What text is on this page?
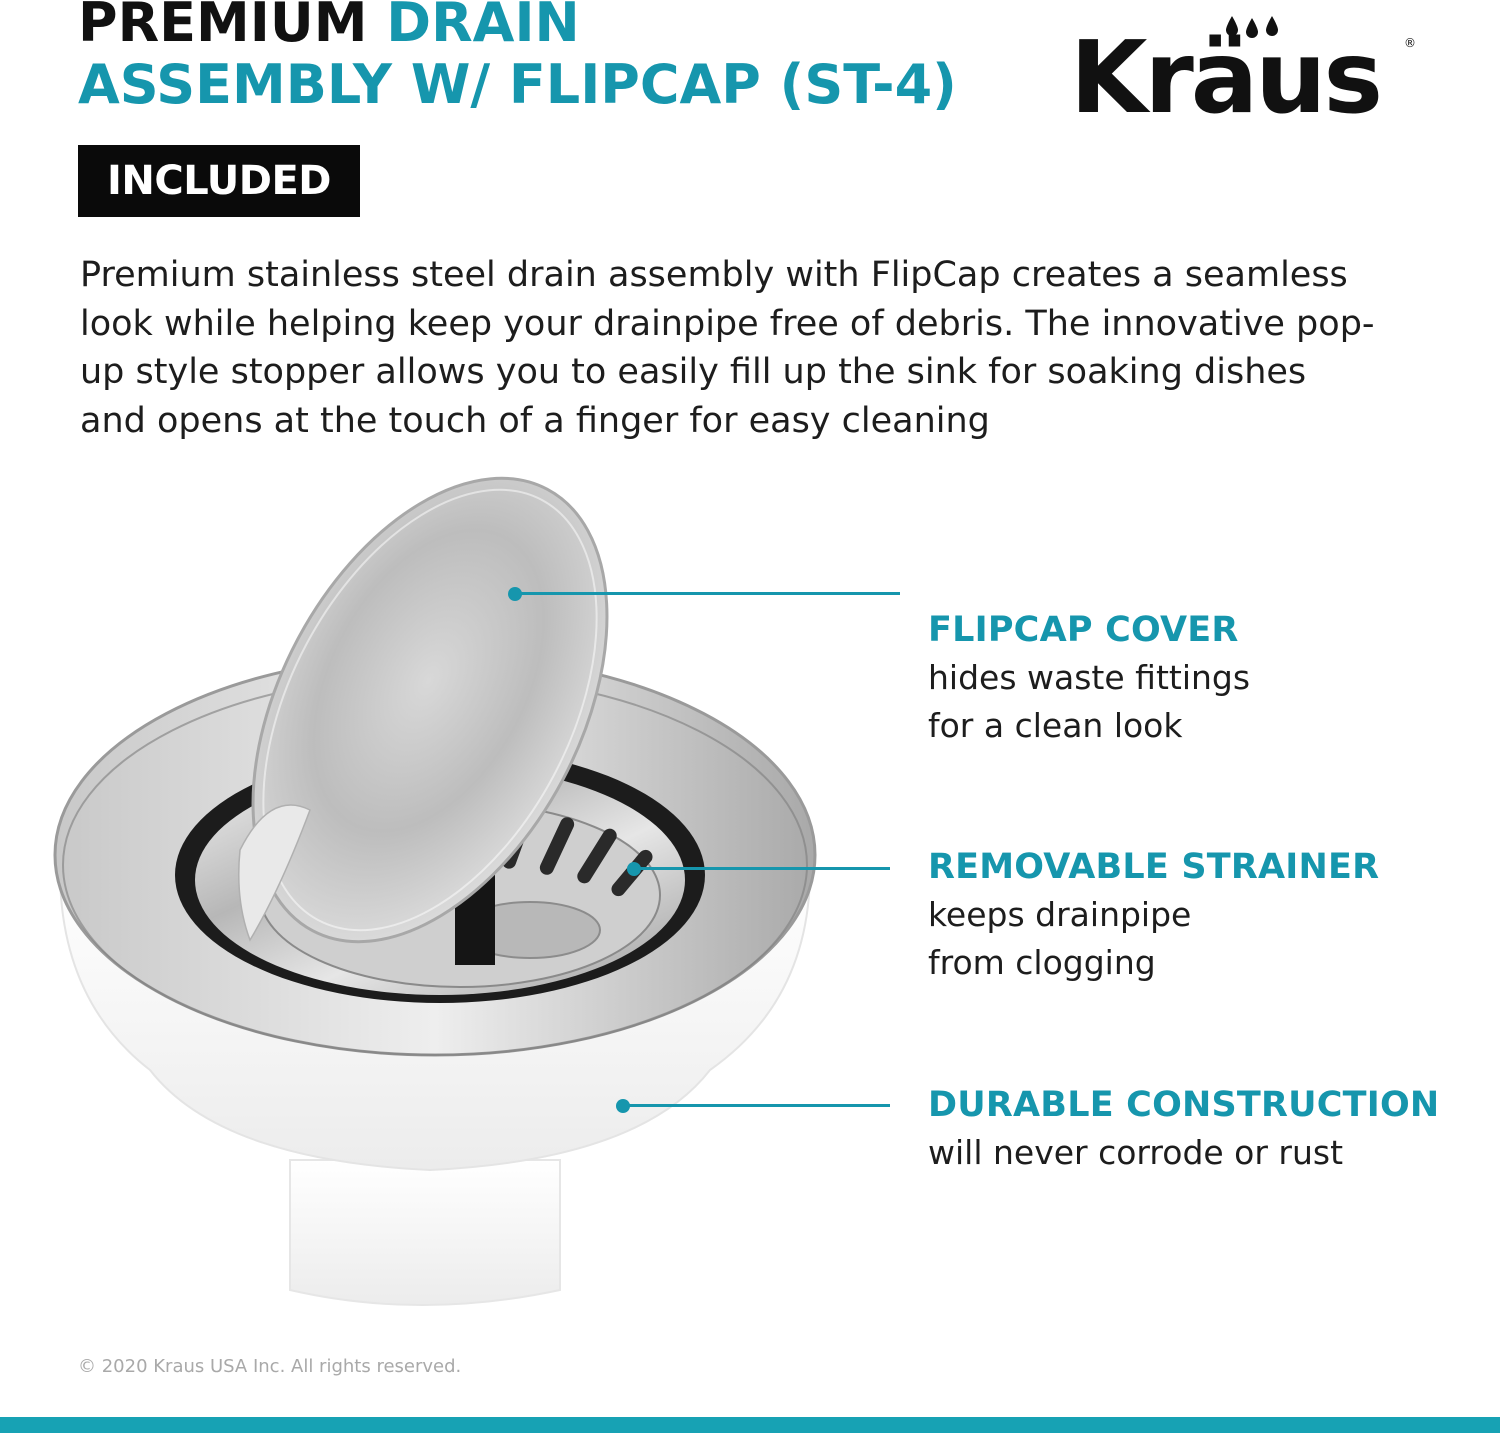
PREMIUM DRAIN
ASSEMBLY W/ FLIPCAP (ST-4)
INCLUDED
Kräus ®

Premium stainless steel drain assembly with FlipCap creates a seamless look while helping keep your drainpipe free of debris. The innovative pop-up style stopper allows you to easily fill up the sink for soaking dishes and opens at the touch of a finger for easy cleaning

FLIPCAP COVER
hides waste fittings
for a clean look
REMOVABLE STRAINER
keeps drainpipe
from clogging
DURABLE CONSTRUCTION
will never corrode or rust
© 2020 Kraus USA Inc. All rights reserved.
